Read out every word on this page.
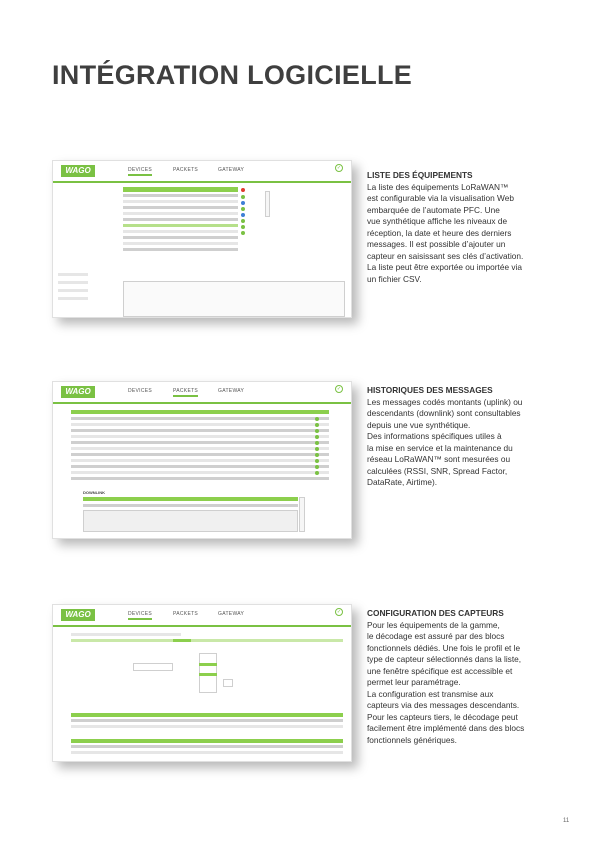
INTÉGRATION LOGICIELLE
WAGO	DEVICES	PACKETS	GATEWAY	✓
LISTE DES ÉQUIPEMENTS

La liste des équipements LoRaWAN™

est configurable via la visualisation Web

embarquée de l’automate PFC. Une

vue synthétique affiche les niveaux de

réception, la date et heure des derniers

messages. Il est possible d’ajouter un

capteur en saisissant ses clés d’activation.

La liste peut être exportée ou importée via

un fichier CSV.

WAGO	DEVICES	PACKETS	GATEWAY	✓
DOWNLINK
HISTORIQUES DES MESSAGES

Les messages codés montants (uplink) ou

descendants (downlink) sont consultables

depuis une vue synthétique.

Des informations spécifiques utiles à

la mise en service et la maintenance du

réseau LoRaWAN™ sont mesurées ou

calculées (RSSI, SNR, Spread Factor,

DataRate, Airtime).

WAGO	DEVICES	PACKETS	GATEWAY	✓	CONFIGURATION DES CAPTEURS

Pour les équipements de la gamme,

le décodage est assuré par des blocs

fonctionnels dédiés. Une fois le profil et le

type de capteur sélectionnés dans la liste,

une fenêtre spécifique est accessible et

permet leur paramétrage.

La configuration est transmise aux

capteurs via des messages descendants.

Pour les capteurs tiers, le décodage peut

facilement être implémenté dans des blocs

fonctionnels génériques.

11
